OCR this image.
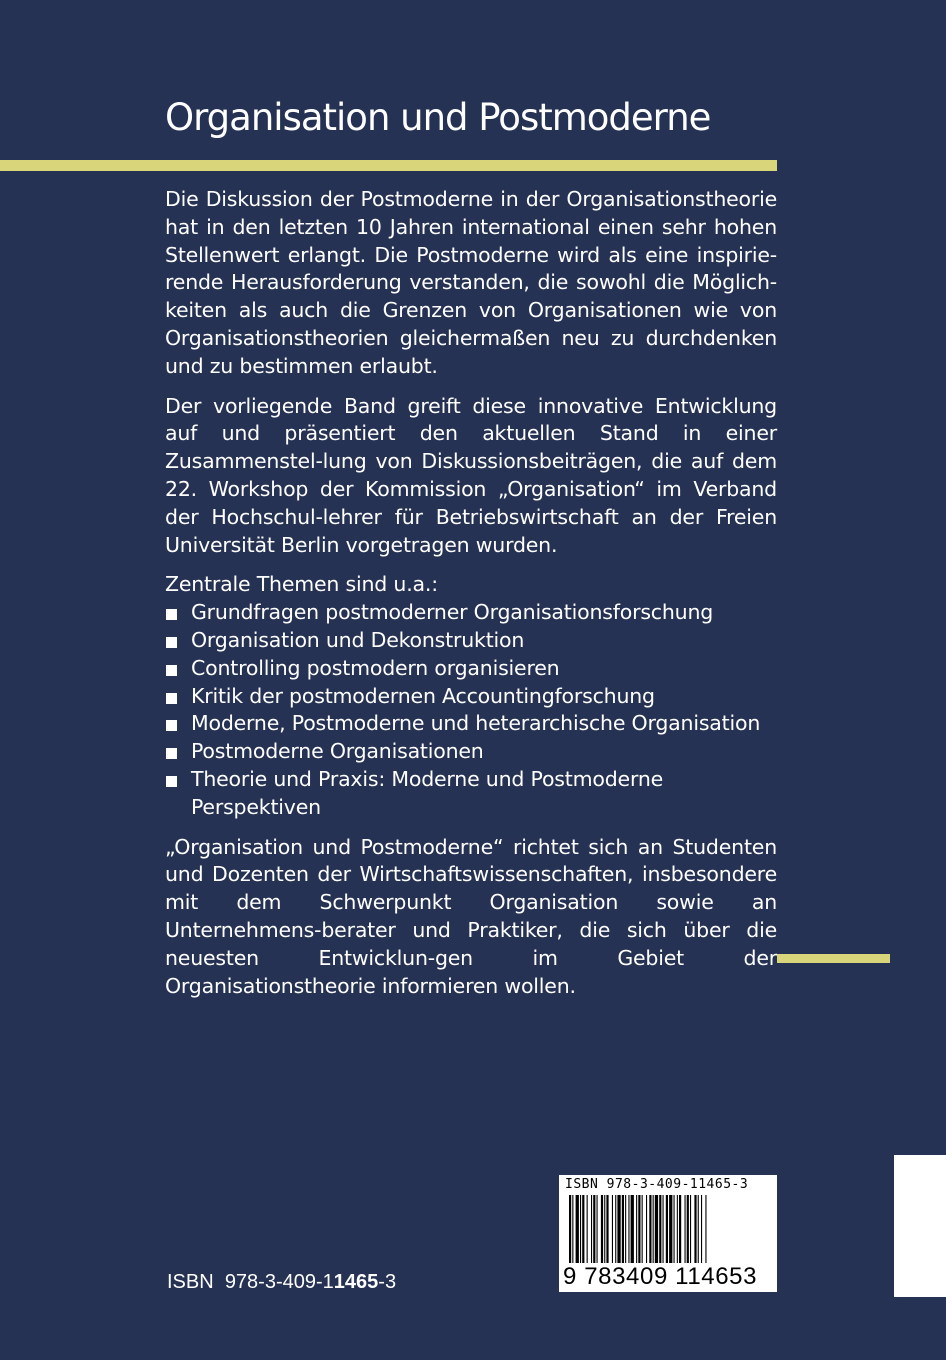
Organisation und Postmoderne

Die Diskussion der Postmoderne in der Organisationstheorie hat in den letzten 10 Jahren international einen sehr hohen Stellenwert erlangt. Die Postmoderne wird als eine inspirie-rende Herausforderung verstanden, die sowohl die Möglich-keiten als auch die Grenzen von Organisationen wie von Organisationstheorien gleichermaßen neu zu durchdenken und zu bestimmen erlaubt.

Der vorliegende Band greift diese innovative Entwicklung auf und präsentiert den aktuellen Stand in einer Zusammenstel-lung von Diskussionsbeiträgen, die auf dem 22. Workshop der Kommission „Organisation“ im Verband der Hochschul-lehrer für Betriebswirtschaft an der Freien Universität Berlin vorgetragen wurden.

Zentrale Themen sind u.a.:
Grundfragen postmoderner Organisationsforschung
Organisation und Dekonstruktion
Controlling postmodern organisieren
Kritik der postmodernen Accountingforschung
Moderne, Postmoderne und heterarchische Organisation
Postmoderne Organisationen
Theorie und Praxis: Moderne und Postmoderne Perspektiven

„Organisation und Postmoderne“ richtet sich an Studenten und Dozenten der Wirtschaftswissenschaften, insbesondere mit dem Schwerpunkt Organisation sowie an Unternehmens-berater und Praktiker, die sich über die neuesten Entwicklun-gen im Gebiet der Organisationstheorie informieren wollen.

ISBN 978-3-409-11465-3
ISBN 978-3-409-11465-3
9 783409 114653
